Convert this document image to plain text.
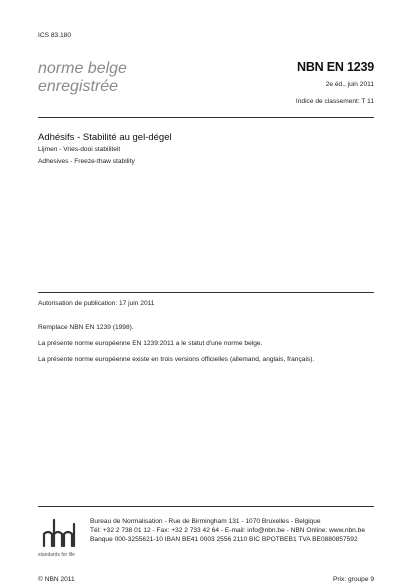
ICS 83.180
norme belge
enregistrée
NBN EN 1239
2e éd., juin 2011
Indice de classement: T 11
Adhésifs - Stabilité au gel-dégel
Lijmen - Vries-dooi stabiliteit
Adhesives - Freeze-thaw stability
Autorisation de publication: 17 juin 2011
Remplace NBN EN 1239 (1998).
La présente norme européenne EN 1239:2011 a le statut d'une norme belge.
La présente norme européenne existe en trois versions officielles (allemand, anglais, français).
standards for life
Bureau de Normalisation - Rue de Birmingham 131 - 1070 Bruxelles - Belgique
Tél: +32 2 738 01 12 - Fax: +32 2 733 42 64 - E-mail: info@nbn.be - NBN Online: www.nbn.be
Banque 000-3255621-10 IBAN BE41 0003 2556 2110 BIC BPOTBEB1 TVA BE0880857592
© NBN 2011	Prix: groupe 9
